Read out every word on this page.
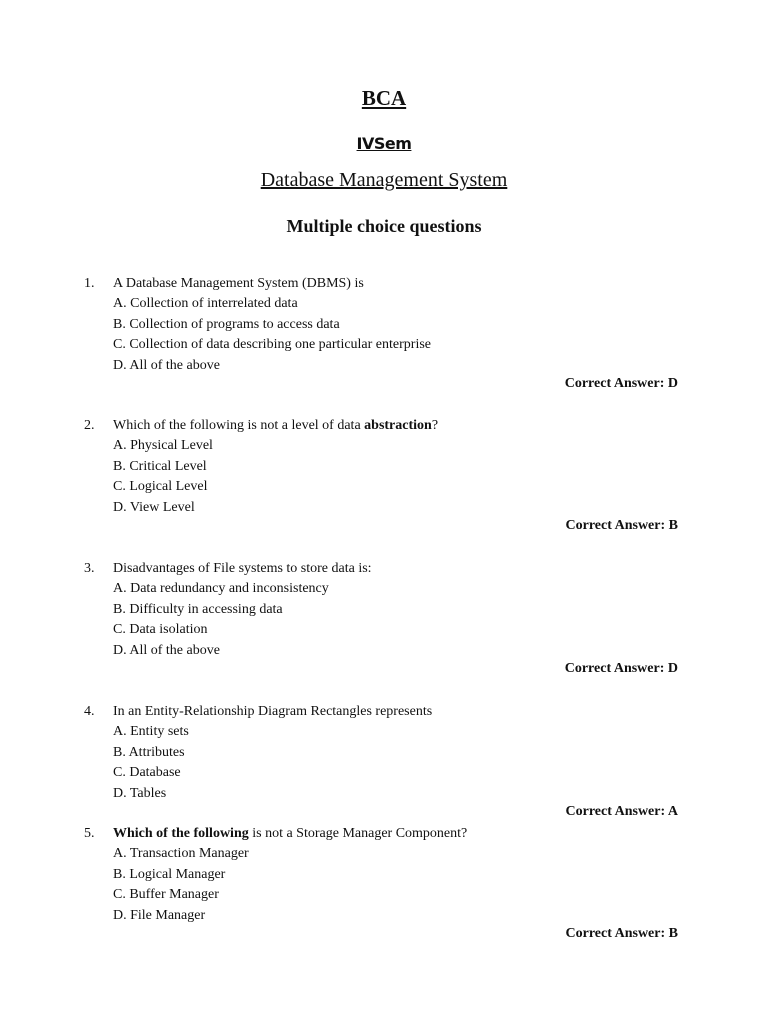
BCA
IVSem
Database Management System
Multiple choice questions
1. A Database Management System (DBMS) is
A. Collection of interrelated data
B. Collection of programs to access data
C. Collection of data describing one particular enterprise
D. All of the above
Correct Answer: D
2. Which of the following is not a level of data abstraction?
A. Physical Level
B. Critical Level
C. Logical Level
D. View Level
Correct Answer: B
3. Disadvantages of File systems to store data is:
A. Data redundancy and inconsistency
B. Difficulty in accessing data
C. Data isolation
D. All of the above
Correct Answer: D
4. In an Entity-Relationship Diagram Rectangles represents
A. Entity sets
B. Attributes
C. Database
D. Tables
Correct Answer: A
5. Which of the following is not a Storage Manager Component?
A. Transaction Manager
B. Logical Manager
C. Buffer Manager
D. File Manager
Correct Answer: B
